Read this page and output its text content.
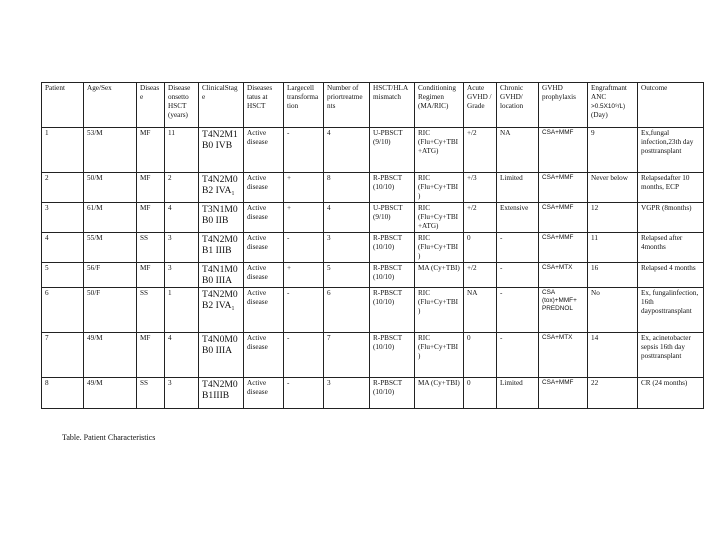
Patient	Age/Sex	Disease	Disease onsetto HSCT (years)	ClinicalStage	Diseases tatus at HSCT	Largecell transformation	Number of priortreatments	HSCT/HLA mismatch	ConditioningRegimen (MA/RIC)	Acute GVHD / Grade	Chronic GVHD/ location	GVHD prophylaxis	Engraftmant ANC
>0.5X10⁹/L)
(Day)	Outcome
1	53/M	MF	11	T4N2M1
B0 IVB	Active disease	-	4	U-PBSCT (9/10)	RIC (Flu+Cy+TBI+ATG)	+/2	NA	CSA+MMF	9	Ex,fungal infection,23th day posttransplant
2	50/M	MF	2	T4N2M0
B2 IVA₁	Active disease	+	8	R-PBSCT (10/10)	RIC (Flu+Cy+TBI)	+/3	Limited	CSA+MMF	Never below	Relapsedafter 10 months, ECP
3	61/M	MF	4	T3N1M0
B0 IIB	Active disease	+	4	U-PBSCT (9/10)	RIC (Flu+Cy+TBI+ATG)	+/2	Extensive	CSA+MMF	12	VGPR (8months)
4	55/M	SS	3	T4N2M0
B1 IIIB	Active disease	-	3	R-PBSCT (10/10)	RIC (Flu+Cy+TBI)	0	-	CSA+MMF	11	Relapsed after 4months
5	56/F	MF	3	T4N1M0
B0 IIIA	Active disease	+	5	R-PBSCT (10/10)	MA (Cy+TBI)	+/2	-	CSA+MTX	16	Relapsed 4 months
6	50/F	SS	1	T4N2M0
B2 IVA₁	Active disease	-	6	R-PBSCT (10/10)	RIC (Flu+Cy+TBI)	NA	-	CSA (tox)+MMF+ PREDNOL	No	Ex, fungalinfection, 16th dayposttransplant
7	49/M	MF	4	T4N0M0
B0 IIIA	Active disease	-	7	R-PBSCT (10/10)	RIC (Flu+Cy+TBI)	0	-	CSA+MTX	14	Ex, acinetobacter sepsis 16th day posttransplant
8	49/M	SS	3	T4N2M0
B1IIIB	Active disease	-	3	R-PBSCT (10/10)	MA (Cy+TBI)	0	Limited	CSA+MMF	22	CR (24 months)
Table. Patient Characteristics
